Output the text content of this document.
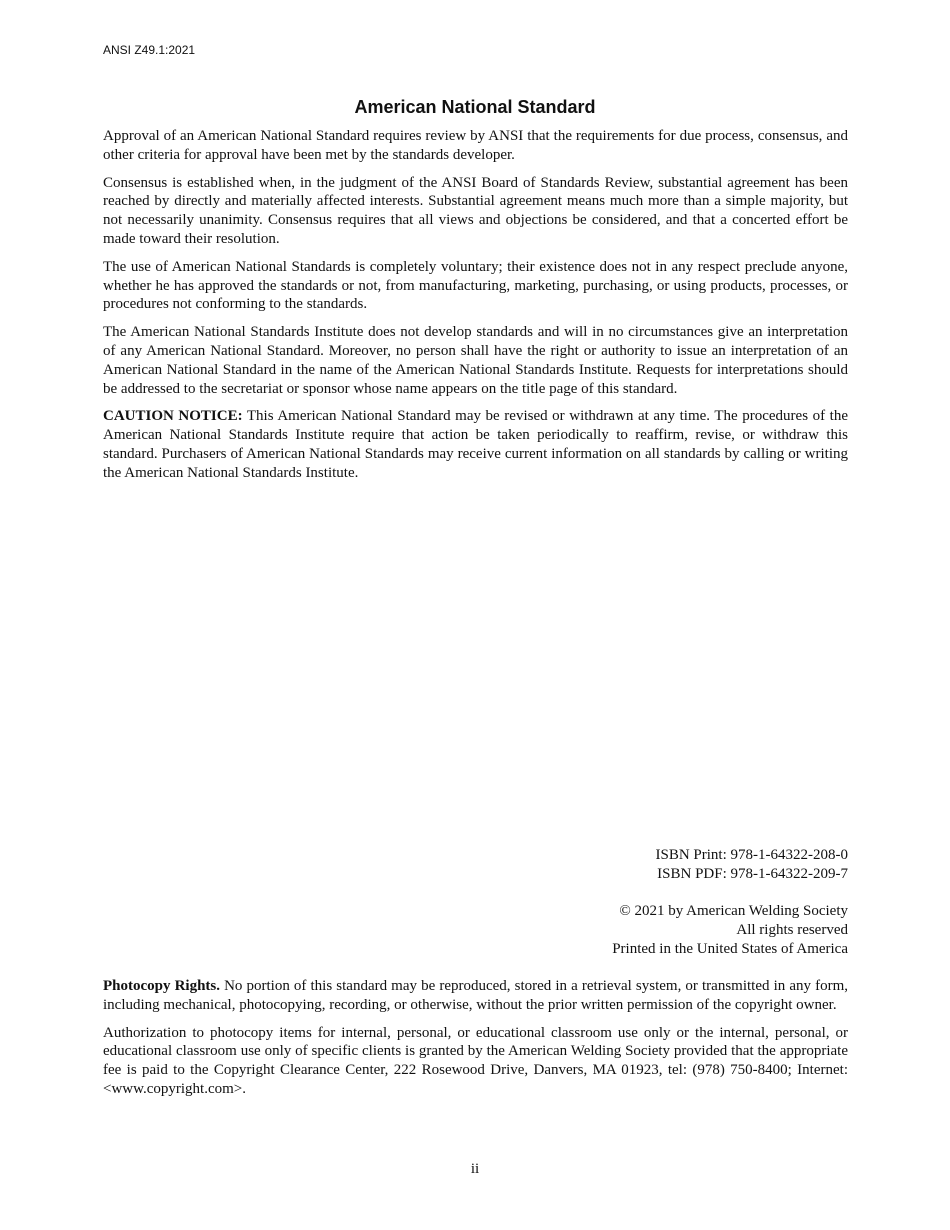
ANSI Z49.1:2021
American National Standard

Approval of an American National Standard requires review by ANSI that the requirements for due process, consensus, and other criteria for approval have been met by the standards developer.

Consensus is established when, in the judgment of the ANSI Board of Standards Review, substantial agreement has been reached by directly and materially affected interests. Substantial agreement means much more than a simple majority, but not necessarily unanimity. Consensus requires that all views and objections be considered, and that a concerted effort be made toward their resolution.

The use of American National Standards is completely voluntary; their existence does not in any respect preclude anyone, whether he has approved the standards or not, from manufacturing, marketing, purchasing, or using products, processes, or procedures not conforming to the standards.

The American National Standards Institute does not develop standards and will in no circumstances give an interpretation of any American National Standard. Moreover, no person shall have the right or authority to issue an interpretation of an American National Standard in the name of the American National Standards Institute. Requests for interpretations should be addressed to the secretariat or sponsor whose name appears on the title page of this standard.

CAUTION NOTICE: This American National Standard may be revised or withdrawn at any time. The procedures of the American National Standards Institute require that action be taken periodically to reaffirm, revise, or withdraw this standard. Purchasers of American National Standards may receive current information on all standards by calling or writing the American National Standards Institute.

ISBN Print: 978-1-64322-208-0
ISBN PDF: 978-1-64322-209-7
© 2021 by American Welding Society
All rights reserved
Printed in the United States of America

Photocopy Rights. No portion of this standard may be reproduced, stored in a retrieval system, or transmitted in any form, including mechanical, photocopying, recording, or otherwise, without the prior written permission of the copyright owner.

Authorization to photocopy items for internal, personal, or educational classroom use only or the internal, personal, or educational classroom use only of specific clients is granted by the American Welding Society provided that the appropriate fee is paid to the Copyright Clearance Center, 222 Rosewood Drive, Danvers, MA 01923, tel: (978) 750-8400; Internet: <www.copyright.com>.

ii
